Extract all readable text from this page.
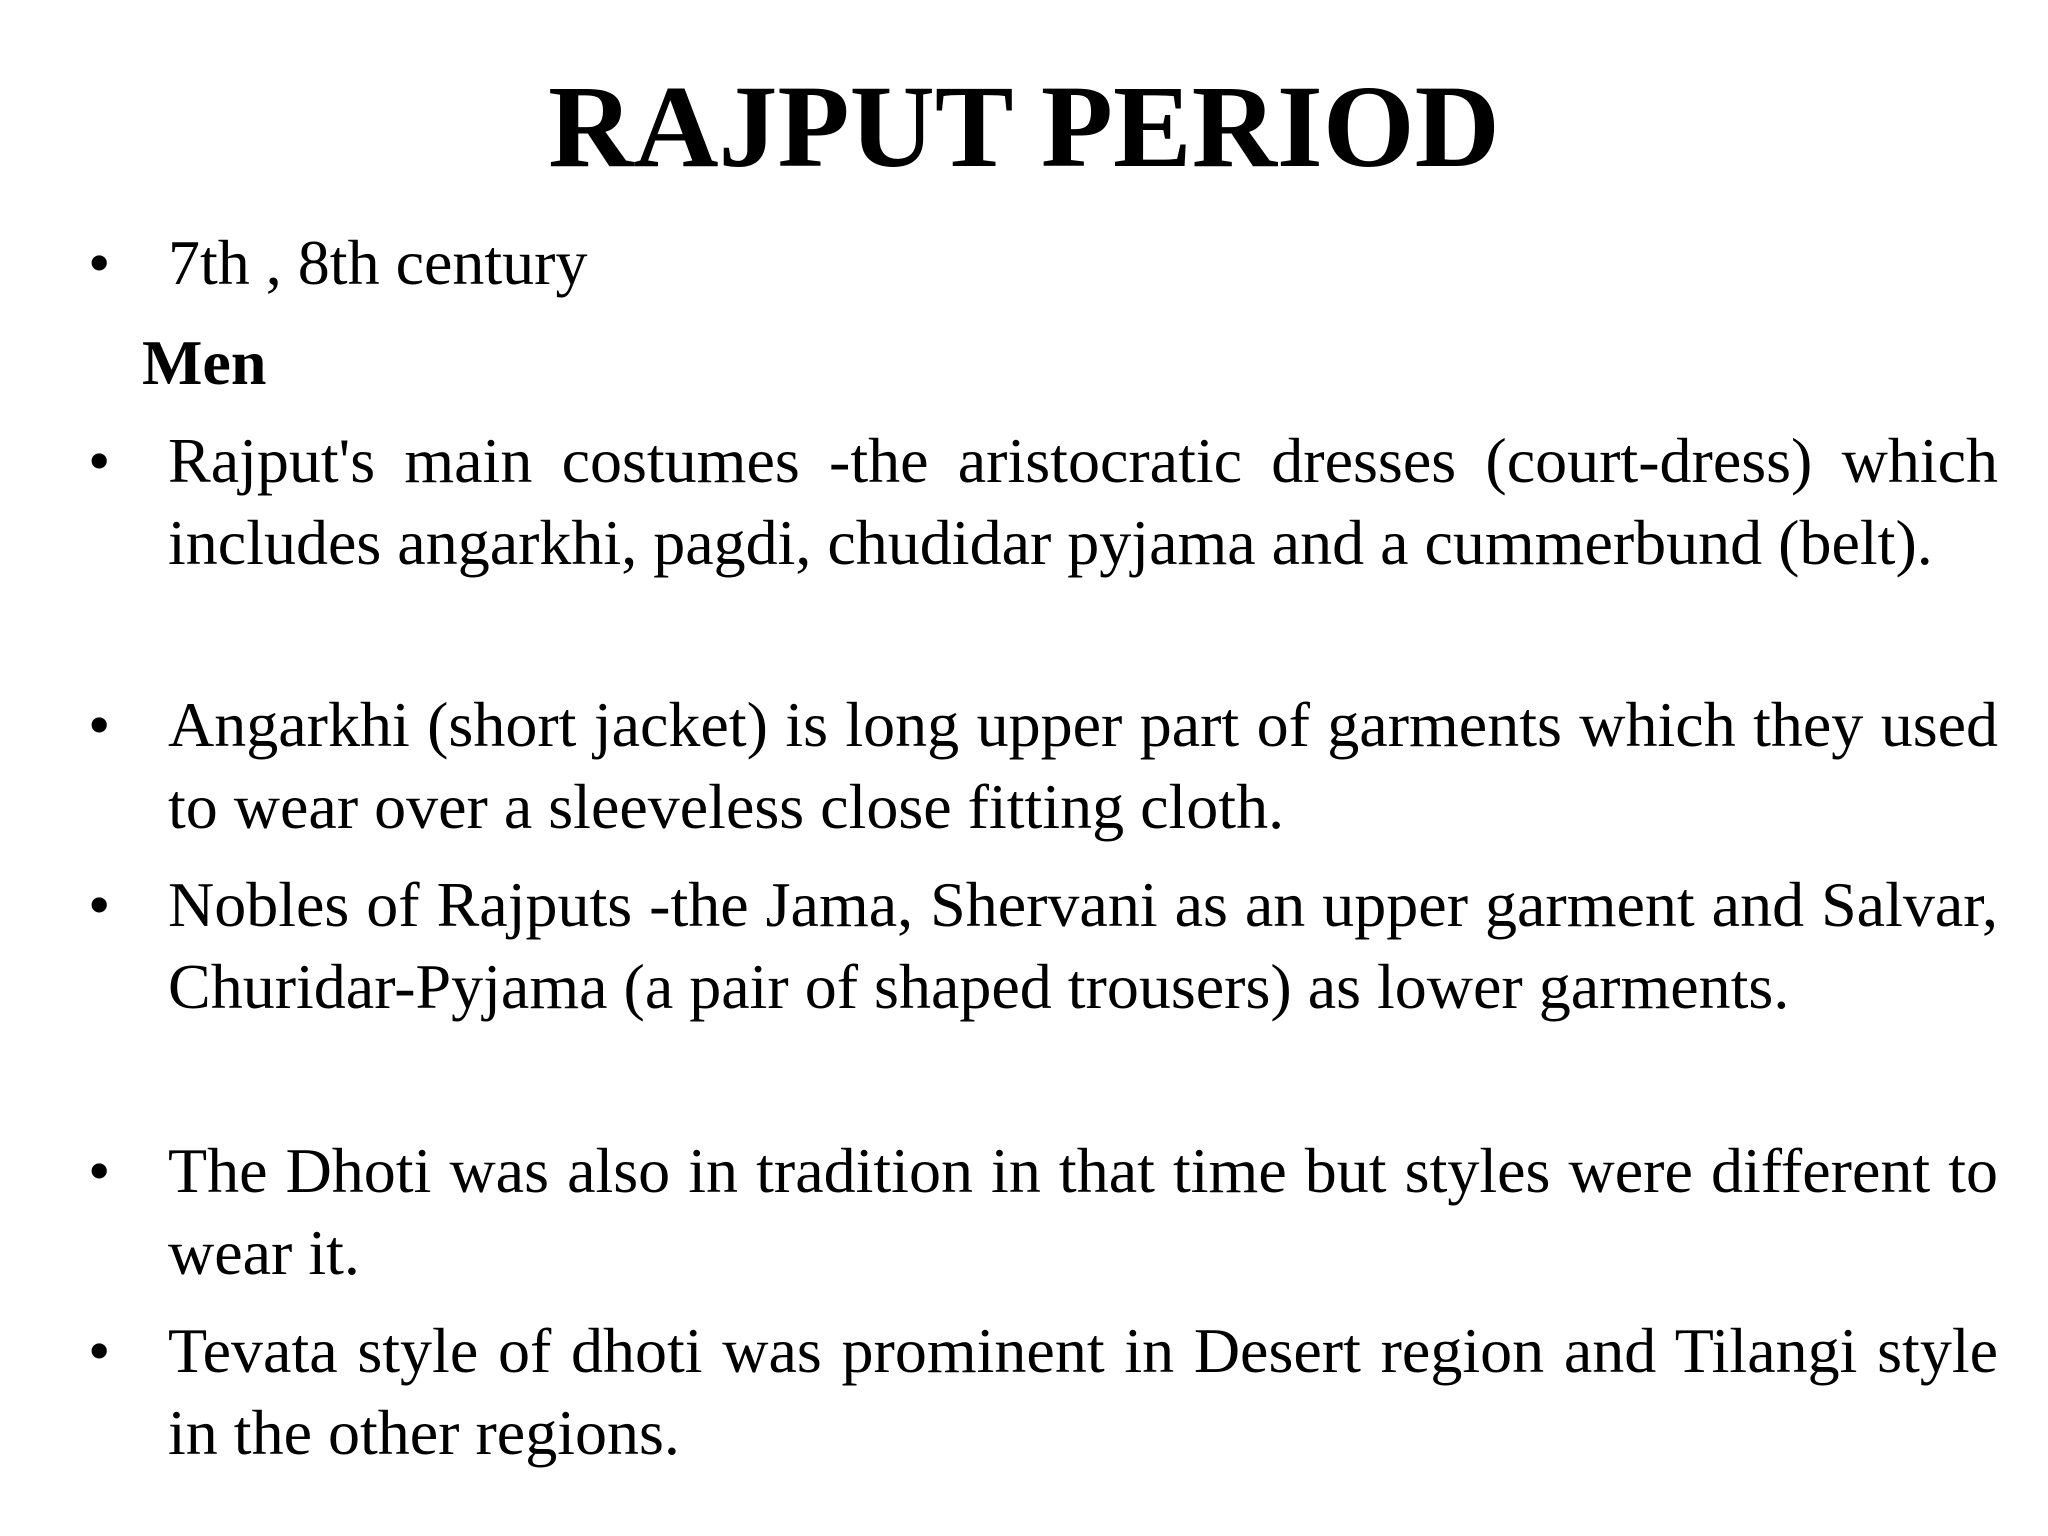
RAJPUT PERIOD
• 7th , 8th century
Men
• Rajput's main costumes -the aristocratic dresses (court-dress) which includes angarkhi, pagdi, chudidar pyjama and a cummerbund (belt).
• Angarkhi (short jacket) is long upper part of garments which they used to wear over a sleeveless close fitting cloth.
• Nobles of Rajputs -the Jama, Shervani as an upper garment and Salvar, Churidar-Pyjama (a pair of shaped trousers) as lower garments.
• The Dhoti was also in tradition in that time but styles were different to wear it.
• Tevata style of dhoti was prominent in Desert region and Tilangi style in the other regions.
